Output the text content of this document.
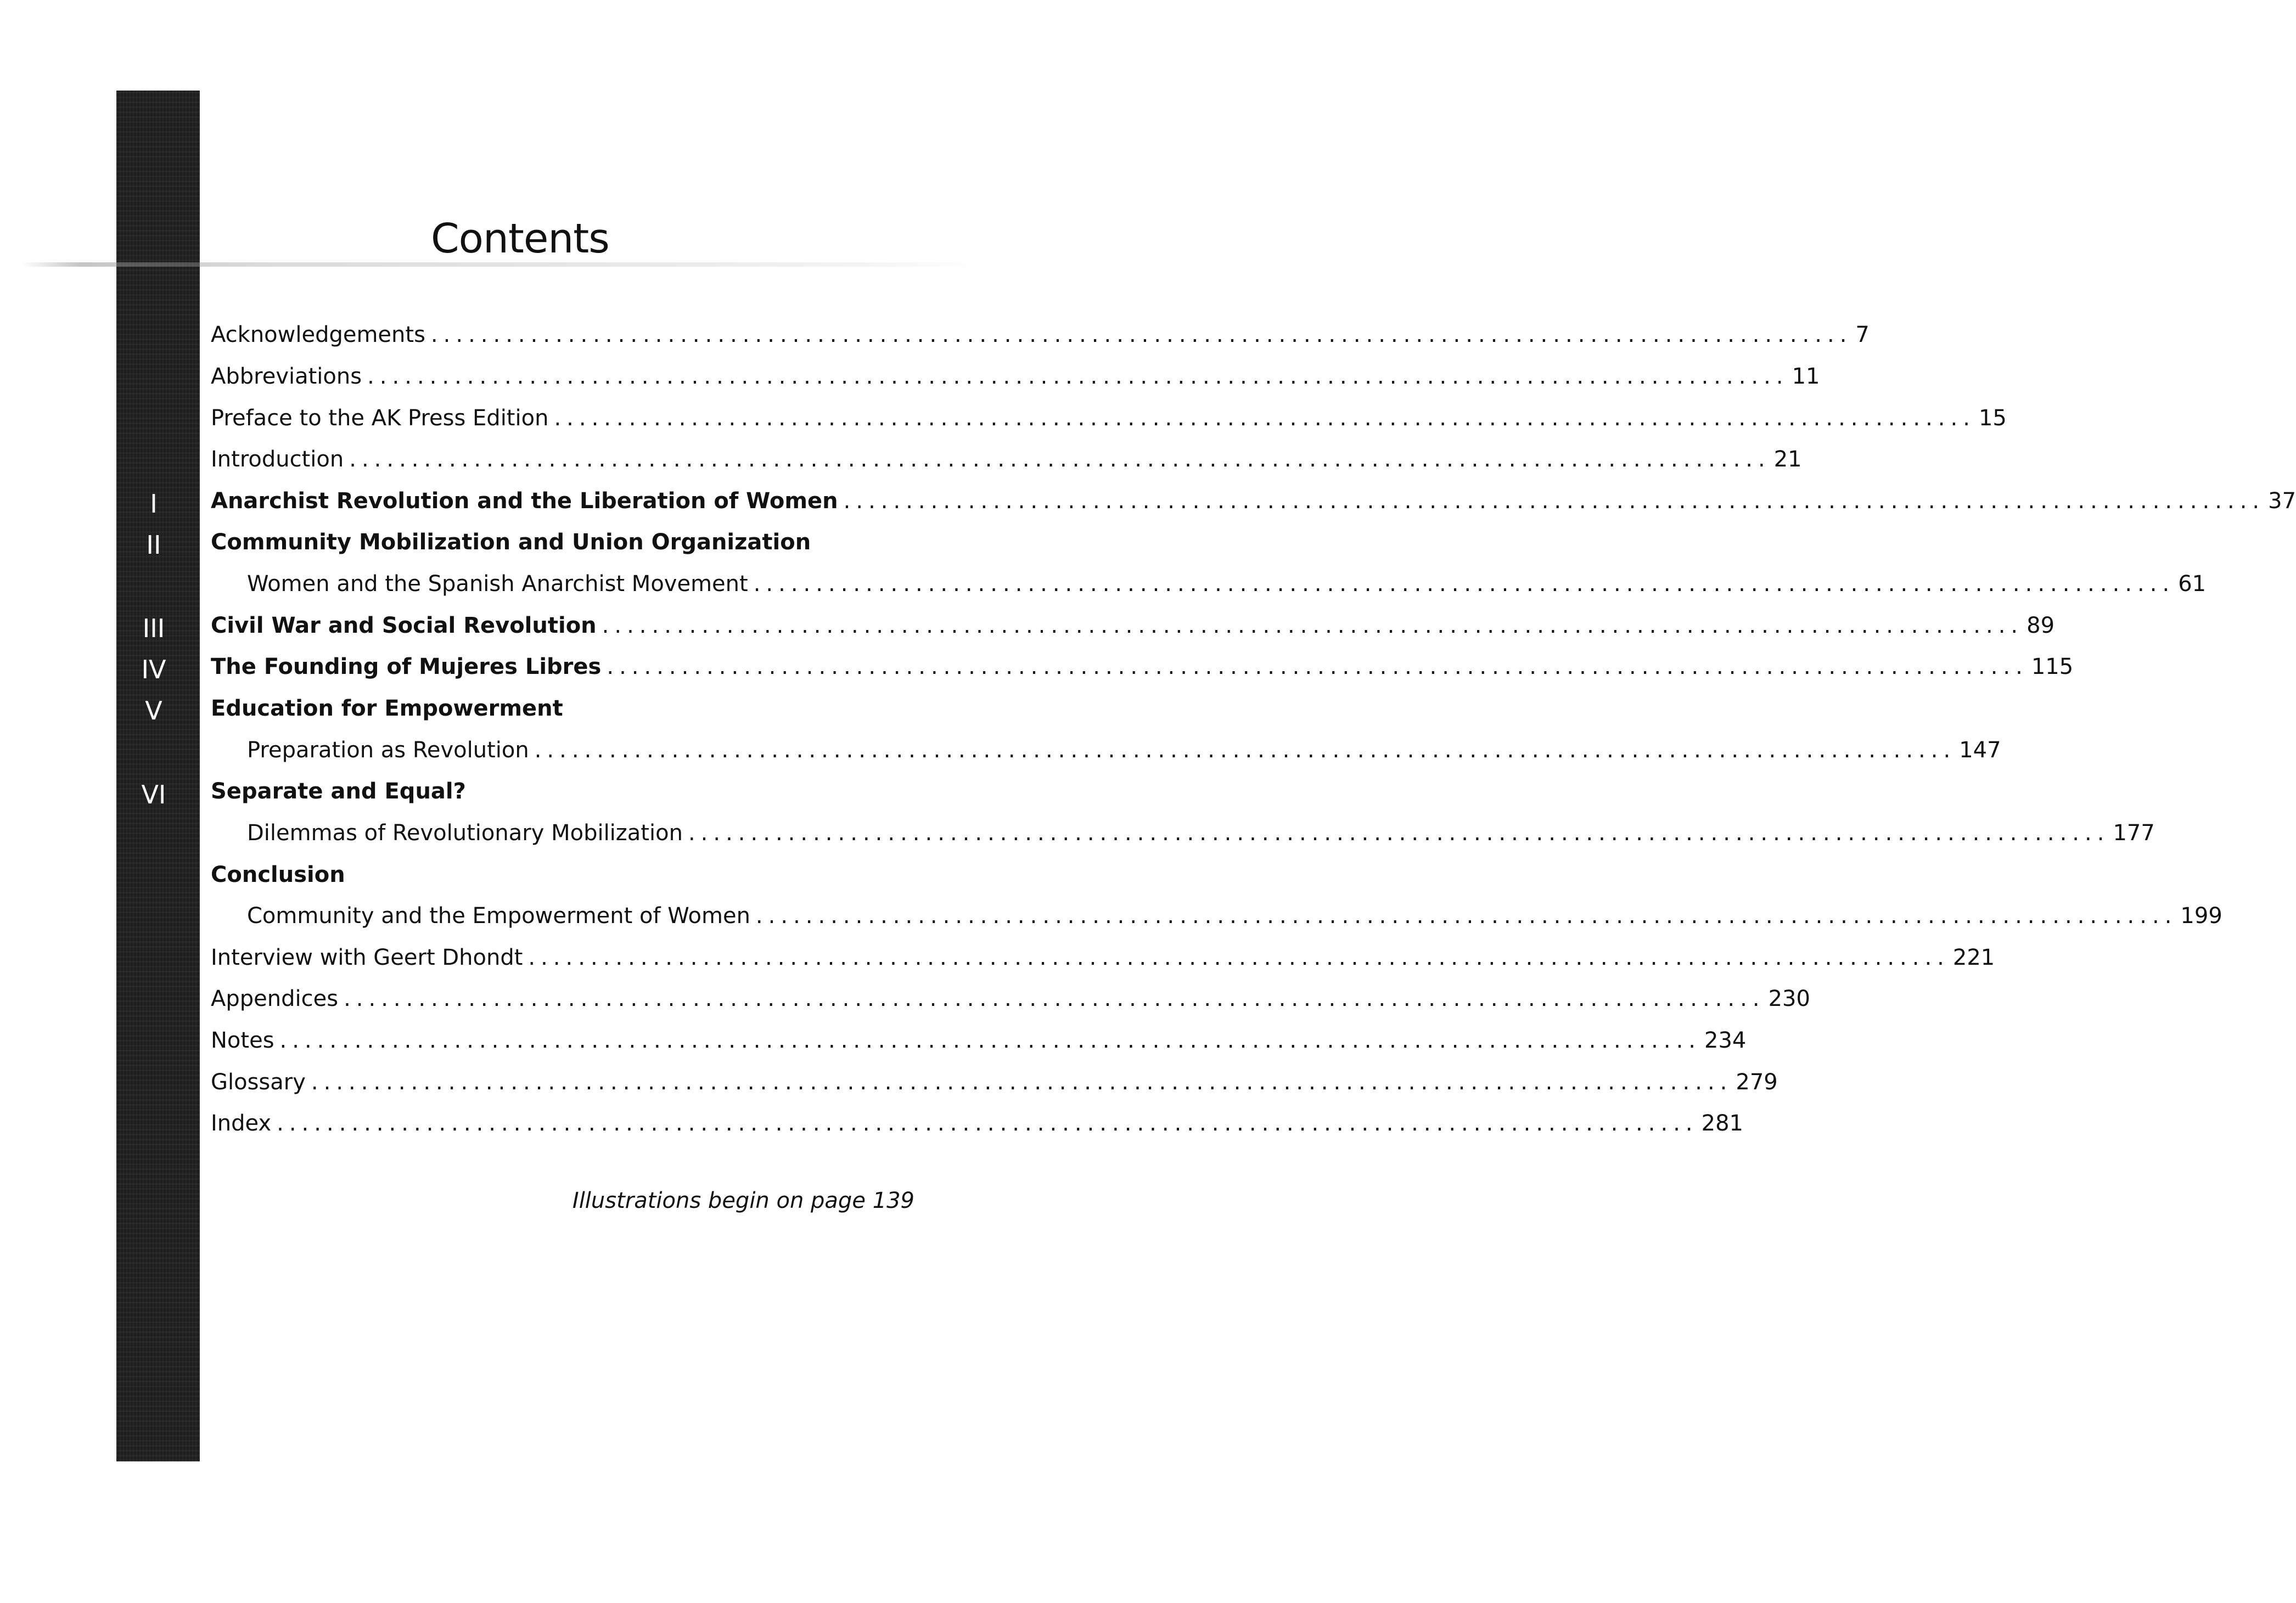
Contents
I
II
III
IV
V
VI
Acknowledgements .................................................................................................................. 7
Abbreviations .................................................................................................................. 11
Preface to the AK Press Edition .................................................................................................................. 15
Introduction .................................................................................................................. 21
Anarchist Revolution and the Liberation of Women .................................................................................................................. 37
Community Mobilization and Union Organization
Women and the Spanish Anarchist Movement .................................................................................................................. 61
Civil War and Social Revolution .................................................................................................................. 89
The Founding of Mujeres Libres .................................................................................................................. 115
Education for Empowerment
Preparation as Revolution .................................................................................................................. 147
Separate and Equal?
Dilemmas of Revolutionary Mobilization .................................................................................................................. 177
Conclusion
Community and the Empowerment of Women .................................................................................................................. 199
Interview with Geert Dhondt .................................................................................................................. 221
Appendices .................................................................................................................. 230
Notes .................................................................................................................. 234
Glossary .................................................................................................................. 279
Index .................................................................................................................. 281
Illustrations begin on page 139
